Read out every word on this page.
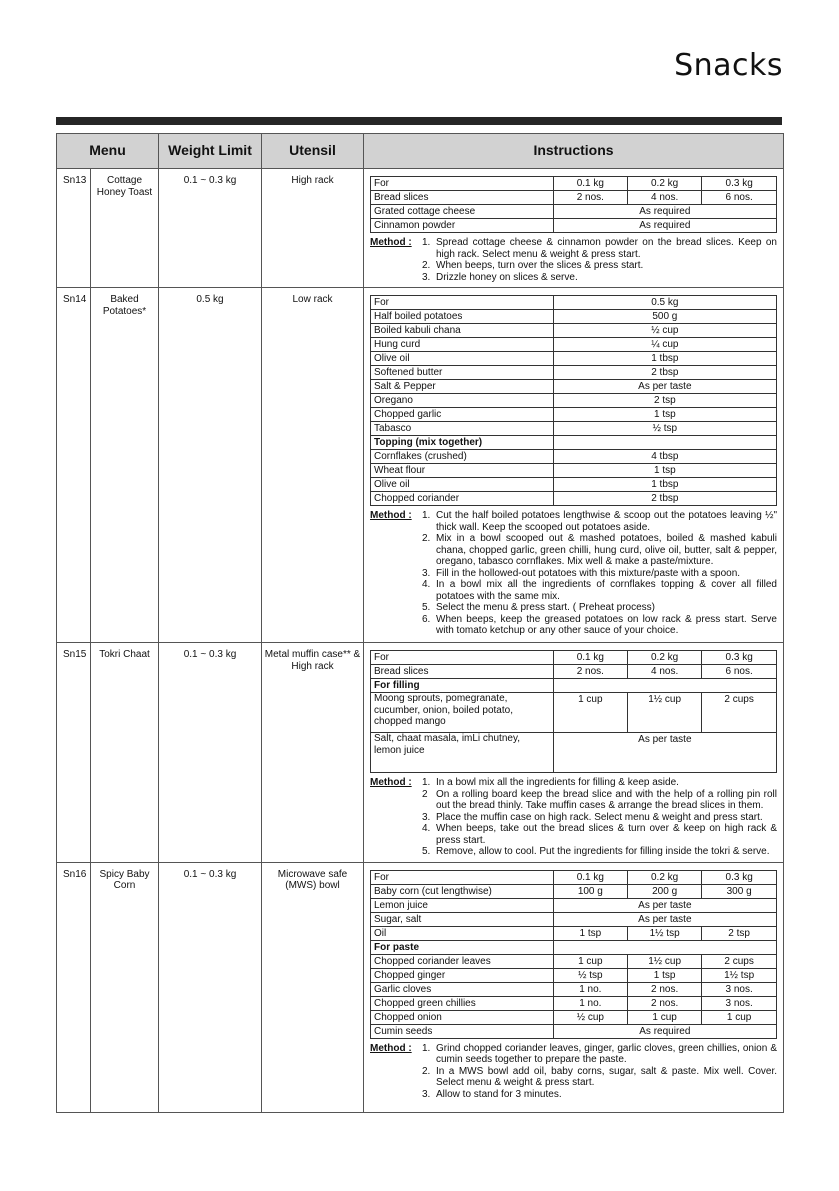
Snacks
Menu	Weight Limit	Utensil	Instructions
Sn13	Cottage Honey Toast	0.1 ~ 0.3 kg	High rack		For	0.1 kg	0.2 kg	0.3 kg
Bread slices	2 nos.	4 nos.	6 nos.
Grated cottage cheese	As required
Cinnamon powder	As required
Method :	1. Spread cottage cheese & cinnamon powder on the bread slices. Keep on high rack. Select menu & weight & press start.
2. When beeps, turn over the slices & press start.
3. Drizzle honey on slices & serve.

Sn14	Baked Potatoes*	0.5 kg	Low rack		For	0.5 kg
Half boiled potatoes	500 g
Boiled kabuli chana	½ cup
Hung curd	¼ cup
Olive oil	1 tbsp
Softened butter	2 tbsp
Salt & Pepper	As per taste
Oregano	2 tsp
Chopped garlic	1 tsp
Tabasco	½ tsp
Topping (mix together)	
Cornflakes (crushed)	4 tbsp
Wheat flour	1 tsp
Olive oil	1 tbsp
Chopped coriander	2 tbsp
Method :	1. Cut the half boiled potatoes lengthwise & scoop out the potatoes leaving ½" thick wall. Keep the scooped out potatoes aside.
2. Mix in a bowl scooped out & mashed potatoes, boiled & mashed kabuli chana, chopped garlic, green chilli, hung curd, olive oil, butter, salt & pepper, oregano, tabasco cornflakes. Mix well & make a paste/mixture.
3. Fill in the hollowed-out potatoes with this mixture/paste with a spoon.
4. In a bowl mix all the ingredients of cornflakes topping & cover all filled potatoes with the same mix.
5. Select the menu & press start. ( Preheat process)
6. When beeps, keep the greased potatoes on low rack & press start. Serve with tomato ketchup or any other sauce of your choice.

Sn15	Tokri Chaat	0.1 ~ 0.3 kg	Metal muffin case** & High rack	
For	0.1 kg	0.2 kg	0.3 kg
Bread slices	2 nos.	4 nos.	6 nos.
For filling	
Moong sprouts, pomegranate, cucumber, onion, boiled potato, chopped mango	1 cup	1½ cup	2 cups
Salt, chaat masala, imLi chutney, lemon juice	As per taste
Method :	1. In a bowl mix all the ingredients for filling & keep aside.
2 On a rolling board keep the bread slice and with the help of a rolling pin roll out the bread thinly. Take muffin cases & arrange the bread slices in them.
3. Place the muffin case on high rack. Select menu & weight and press start.
4. When beeps, take out the bread slices & turn over & keep on high rack & press start.
5. Remove, allow to cool. Put the ingredients for filling inside the tokri & serve.

Sn16	Spicy Baby Corn	0.1 ~ 0.3 kg	Microwave safe (MWS) bowl	
For	0.1 kg	0.2 kg	0.3 kg
Baby corn (cut lengthwise)	100 g	200 g	300 g
Lemon juice	As per taste
Sugar, salt	As per taste
Oil	1 tsp	1½ tsp	2 tsp
For paste	
Chopped coriander leaves	1 cup	1½ cup	2 cups
Chopped ginger	½ tsp	1 tsp	1½ tsp
Garlic cloves	1 no.	2 nos.	3 nos.
Chopped green chillies	1 no.	2 nos.	3 nos.
Chopped onion	½ cup	1 cup	1 cup
Cumin seeds	As required
Method :	1. Grind chopped coriander leaves, ginger, garlic cloves, green chillies, onion & cumin seeds together to prepare the paste.
2. In a MWS bowl add oil, baby corns, sugar, salt & paste. Mix well. Cover. Select menu & weight & press start.
3. Allow to stand for 3 minutes.
